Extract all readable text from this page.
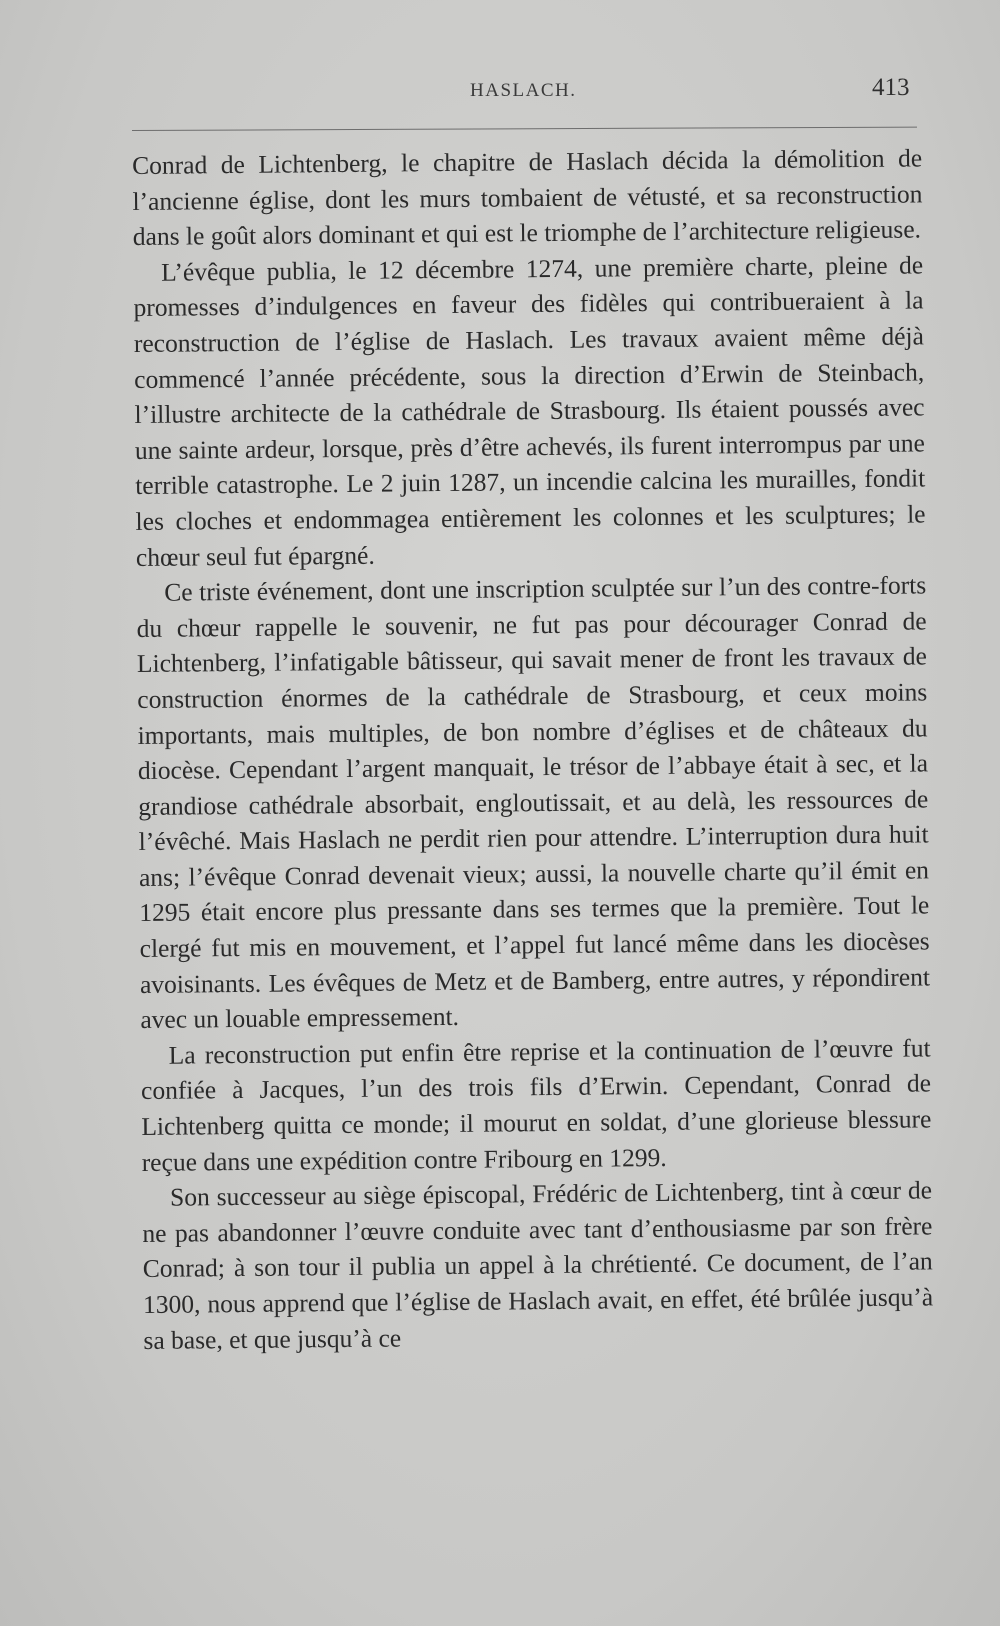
HASLACH.	413

Conrad de Lichtenberg, le chapitre de Haslach décida la démolition de l’ancienne église, dont les murs tombaient de vétusté, et sa reconstruction dans le goût alors dominant et qui est le triomphe de l’architecture religieuse.

L’évêque publia, le 12 décembre 1274, une première charte, pleine de promesses d’indulgences en faveur des fidèles qui contribueraient à la reconstruction de l’église de Haslach. Les travaux avaient même déjà commencé l’année précédente, sous la direction d’Erwin de Steinbach, l’illustre architecte de la cathédrale de Strasbourg. Ils étaient poussés avec une sainte ardeur, lorsque, près d’être achevés, ils furent interrompus par une terrible catastrophe. Le 2 juin 1287, un incendie calcina les murailles, fondit les cloches et endommagea entièrement les colonnes et les sculptures; le chœur seul fut épargné.

Ce triste événement, dont une inscription sculptée sur l’un des contre-forts du chœur rappelle le souvenir, ne fut pas pour décourager Conrad de Lichtenberg, l’infatigable bâtisseur, qui savait mener de front les travaux de construction énormes de la cathédrale de Strasbourg, et ceux moins importants, mais multiples, de bon nombre d’églises et de châteaux du diocèse. Cependant l’argent manquait, le trésor de l’abbaye était à sec, et la grandiose cathédrale absorbait, engloutissait, et au delà, les ressources de l’évêché. Mais Haslach ne perdit rien pour attendre. L’interruption dura huit ans; l’évêque Conrad devenait vieux; aussi, la nouvelle charte qu’il émit en 1295 était encore plus pressante dans ses termes que la première. Tout le clergé fut mis en mouvement, et l’appel fut lancé même dans les diocèses avoisinants. Les évêques de Metz et de Bamberg, entre autres, y répondirent avec un louable empressement.

La reconstruction put enfin être reprise et la continuation de l’œuvre fut confiée à Jacques, l’un des trois fils d’Erwin. Cependant, Conrad de Lichtenberg quitta ce monde; il mourut en soldat, d’une glorieuse blessure reçue dans une expédition contre Fribourg en 1299.

Son successeur au siège épiscopal, Frédéric de Lichtenberg, tint à cœur de ne pas abandonner l’œuvre conduite avec tant d’enthousiasme par son frère Conrad; à son tour il publia un appel à la chrétienté. Ce document, de l’an 1300, nous apprend que l’église de Haslach avait, en effet, été brûlée jusqu’à sa base, et que jusqu’à ce
